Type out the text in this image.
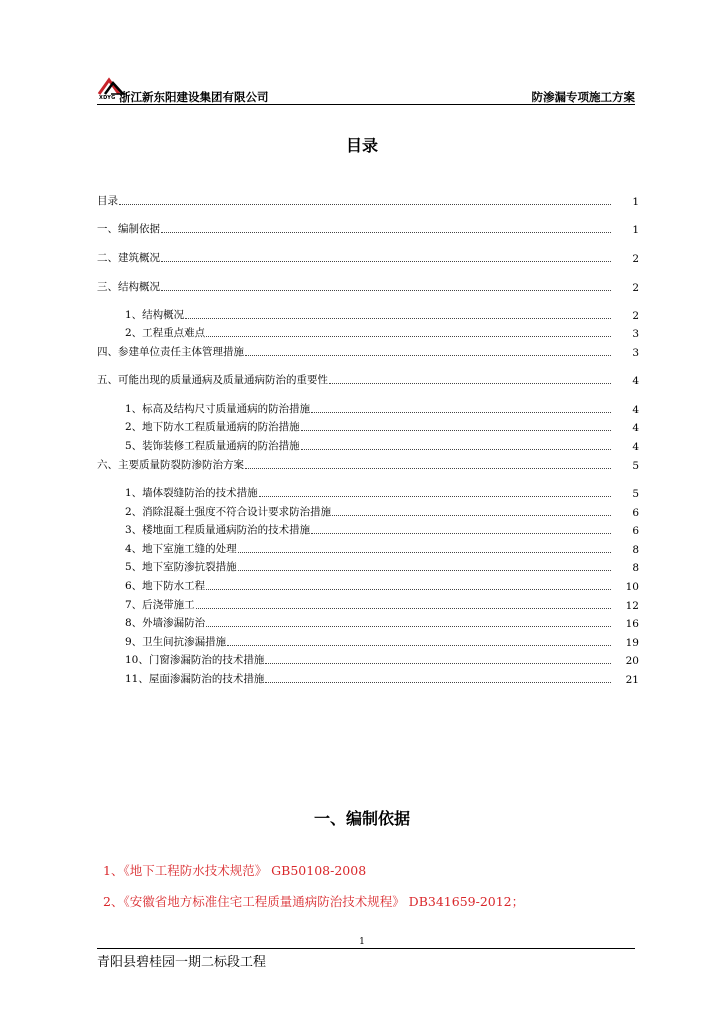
XDYG 浙江新东阳建设集团有限公司	防渗漏专项施工方案
目录
目录	1
一、编制依据	1
二、建筑概况	2
三、结构概况	2
1、结构概况	2
2、工程重点难点	3
四、参建单位责任主体管理措施	3
五、可能出现的质量通病及质量通病防治的重要性	4
1、标高及结构尺寸质量通病的防治措施	4
2、地下防水工程质量通病的防治措施	4
5、装饰装修工程质量通病的防治措施	4
六、主要质量防裂防渗防治方案	5
1、墙体裂缝防治的技术措施	5
2、消除混凝土强度不符合设计要求防治措施	6
3、楼地面工程质量通病防治的技术措施	6
4、地下室施工缝的处理	8
5、地下室防渗抗裂措施	8
6、地下防水工程	10
7、后浇带施工	12
8、外墙渗漏防治	16
9、卫生间抗渗漏措施	19
10、门窗渗漏防治的技术措施	20
11、屋面渗漏防治的技术措施	21
一、编制依据
1、《地下工程防水技术规范》 GB50108-2008
2、《安徽省地方标准住宅工程质量通病防治技术规程》 DB341659-2012；
1
青阳县碧桂园一期二标段工程
